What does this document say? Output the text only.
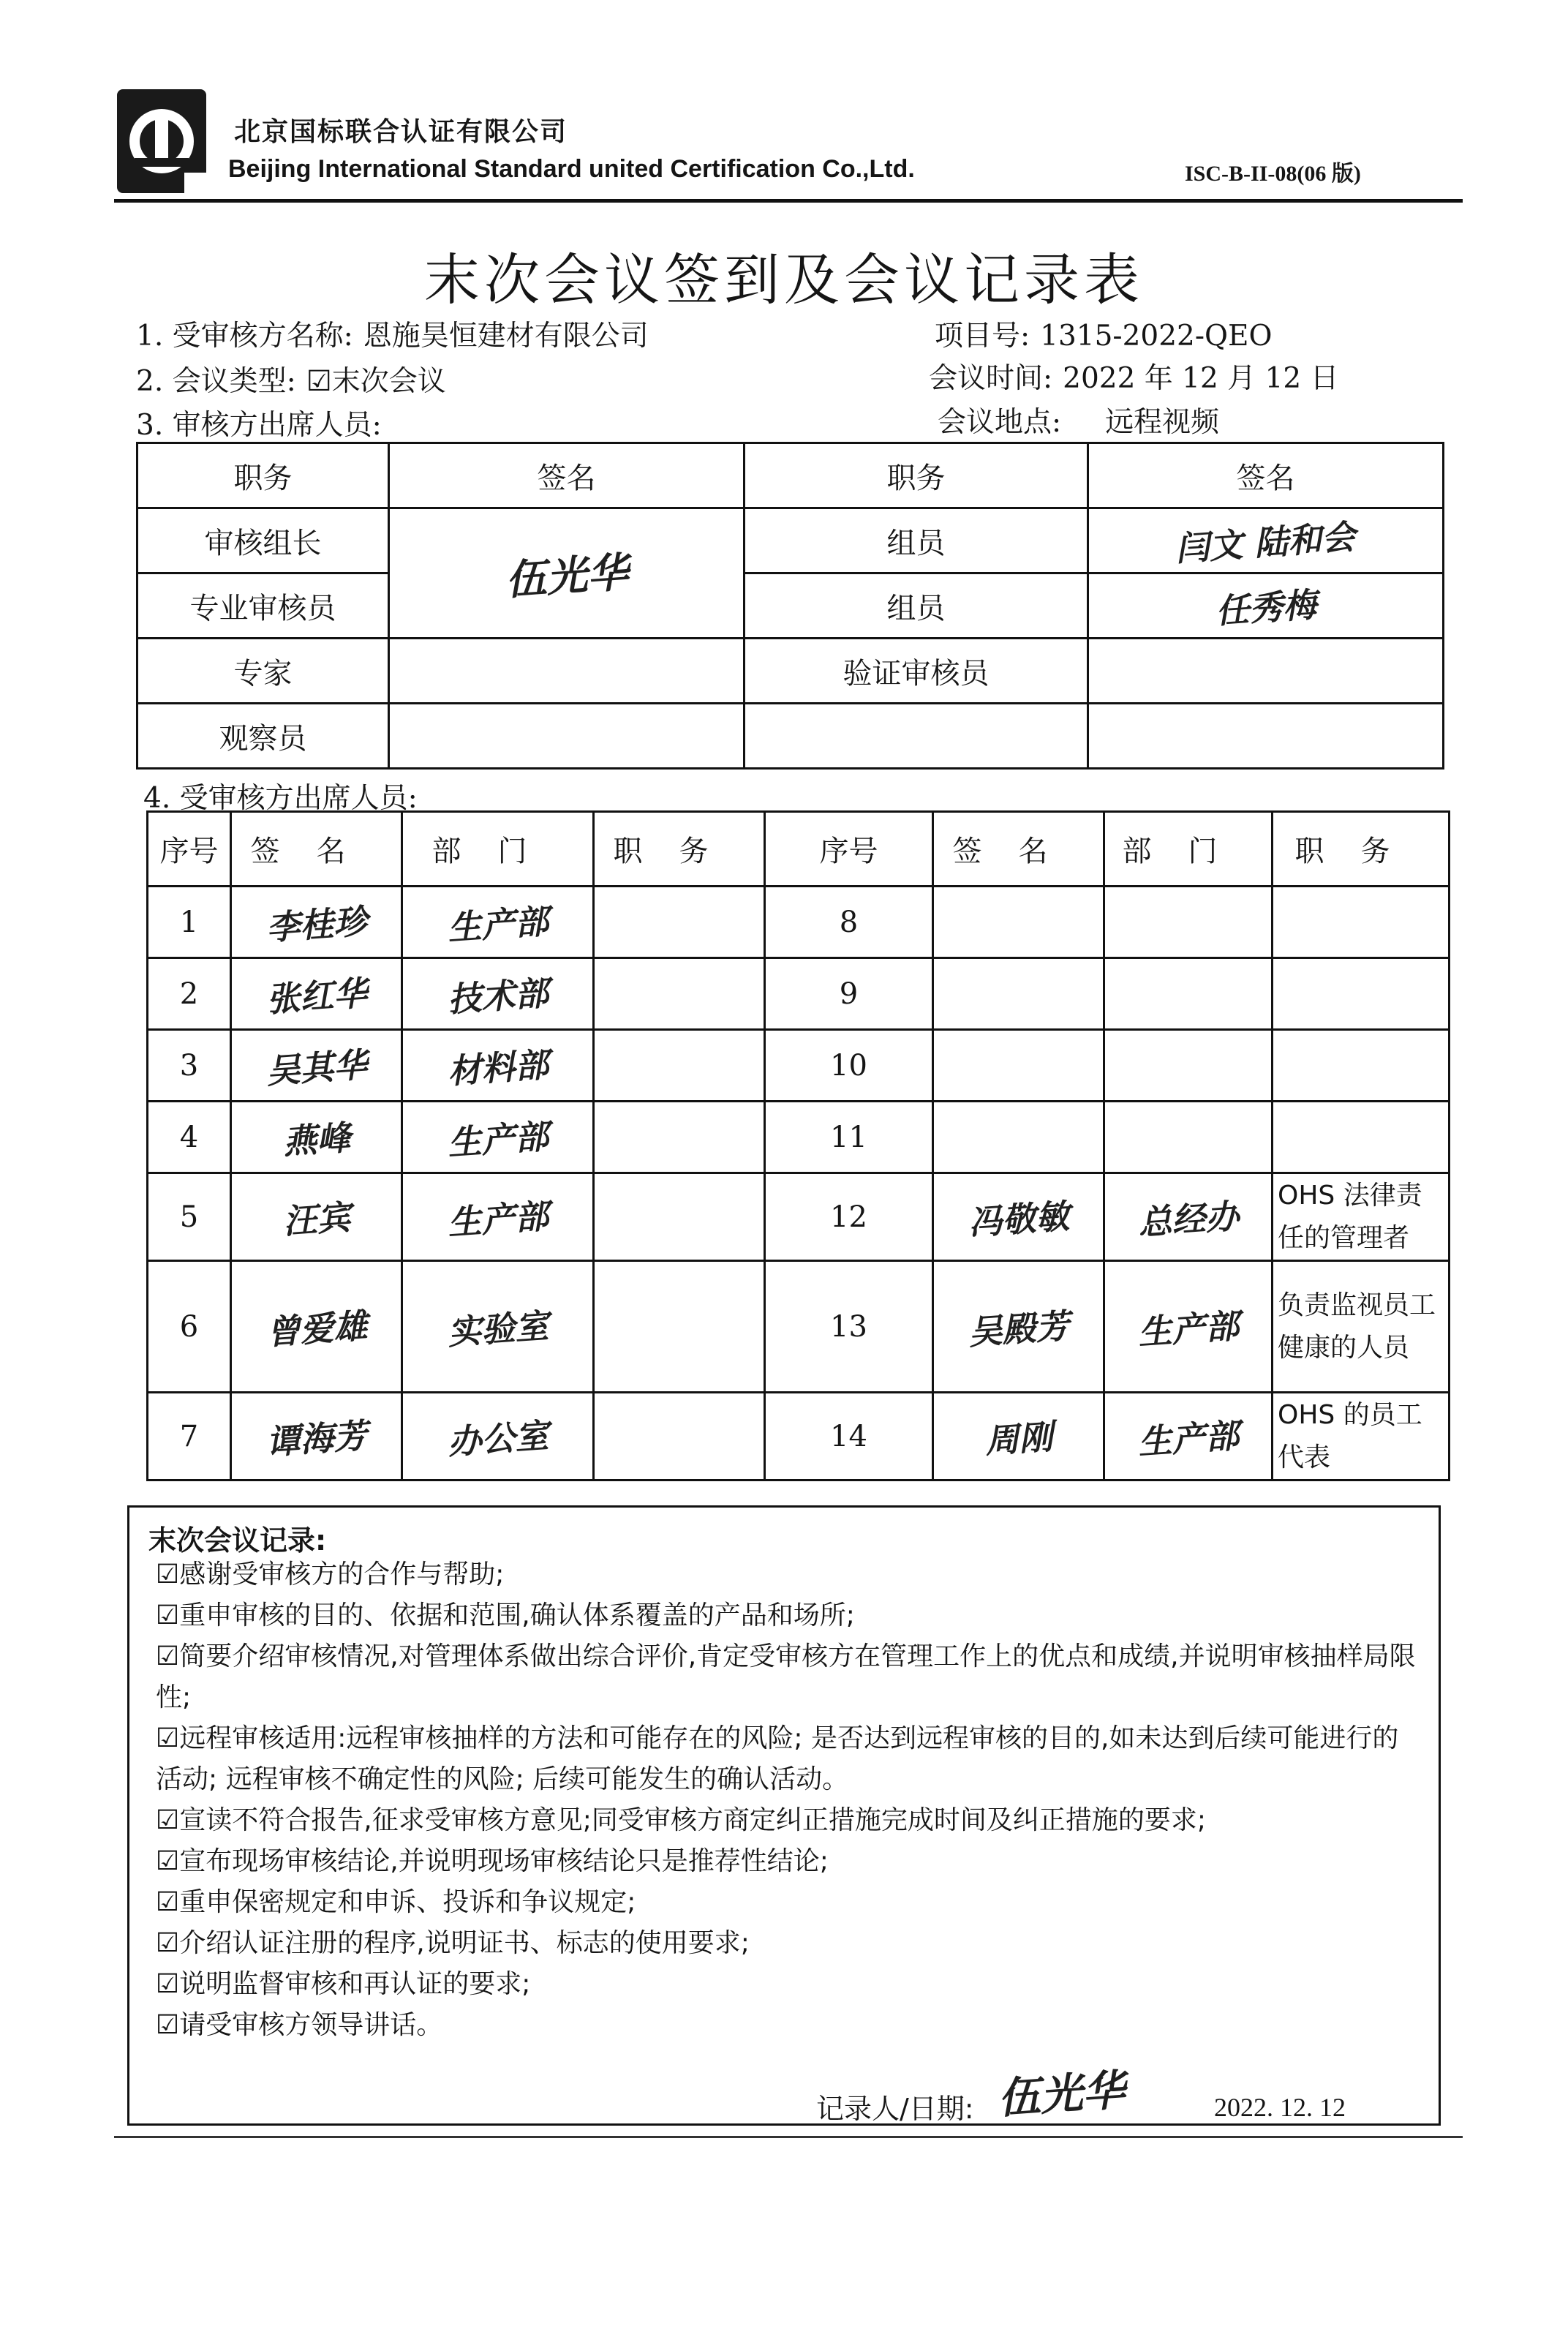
北京国标联合认证有限公司
Beijing International Standard united Certification Co.,Ltd.	ISC-B-II-08(06 版)
末次会议签到及会议记录表
1. 受审核方名称: 恩施昊恒建材有限公司	项目号: 1315-2022-QEO
2. 会议类型: ☑末次会议	会议时间: 2022 年 12 月 12 日
3. 审核方出席人员:	会议地点: 远程视频
职务	签名	职务	签名
审核组长	伍光华	组员	闫文 陆和会
专业审核员		组员	任秀梅
专家		验证审核员	
观察员			
4. 受审核方出席人员:
序号	签名	部门	职务	序号	签名	部门	职务
1	李桂珍	生产部		8			
2	张红华	技术部		9			
3	吴其华	材料部		10			
4	燕峰	生产部		11			
5	汪宾	生产部		12	冯敬敏	总经办	OHS 法律责任的管理者
6	曾爱雄	实验室		13	吴殿芳	生产部	负责监视员工健康的人员
7	谭海芳	办公室		14	周刚	生产部	OHS 的员工代表
末次会议记录:
☑感谢受审核方的合作与帮助;
☑重申审核的目的、依据和范围,确认体系覆盖的产品和场所;
☑简要介绍审核情况,对管理体系做出综合评价,肯定受审核方在管理工作上的优点和成绩,并说明审核抽样局限性;
☑远程审核适用:远程审核抽样的方法和可能存在的风险; 是否达到远程审核的目的,如未达到后续可能进行的活动; 远程审核不确定性的风险; 后续可能发生的确认活动。
☑宣读不符合报告,征求受审核方意见;同受审核方商定纠正措施完成时间及纠正措施的要求;
☑宣布现场审核结论,并说明现场审核结论只是推荐性结论;
☑重申保密规定和申诉、投诉和争议规定;
☑介绍认证注册的程序,说明证书、标志的使用要求;
☑说明监督审核和再认证的要求;
☑请受审核方领导讲话。
记录人/日期: 伍光华	2022. 12. 12
